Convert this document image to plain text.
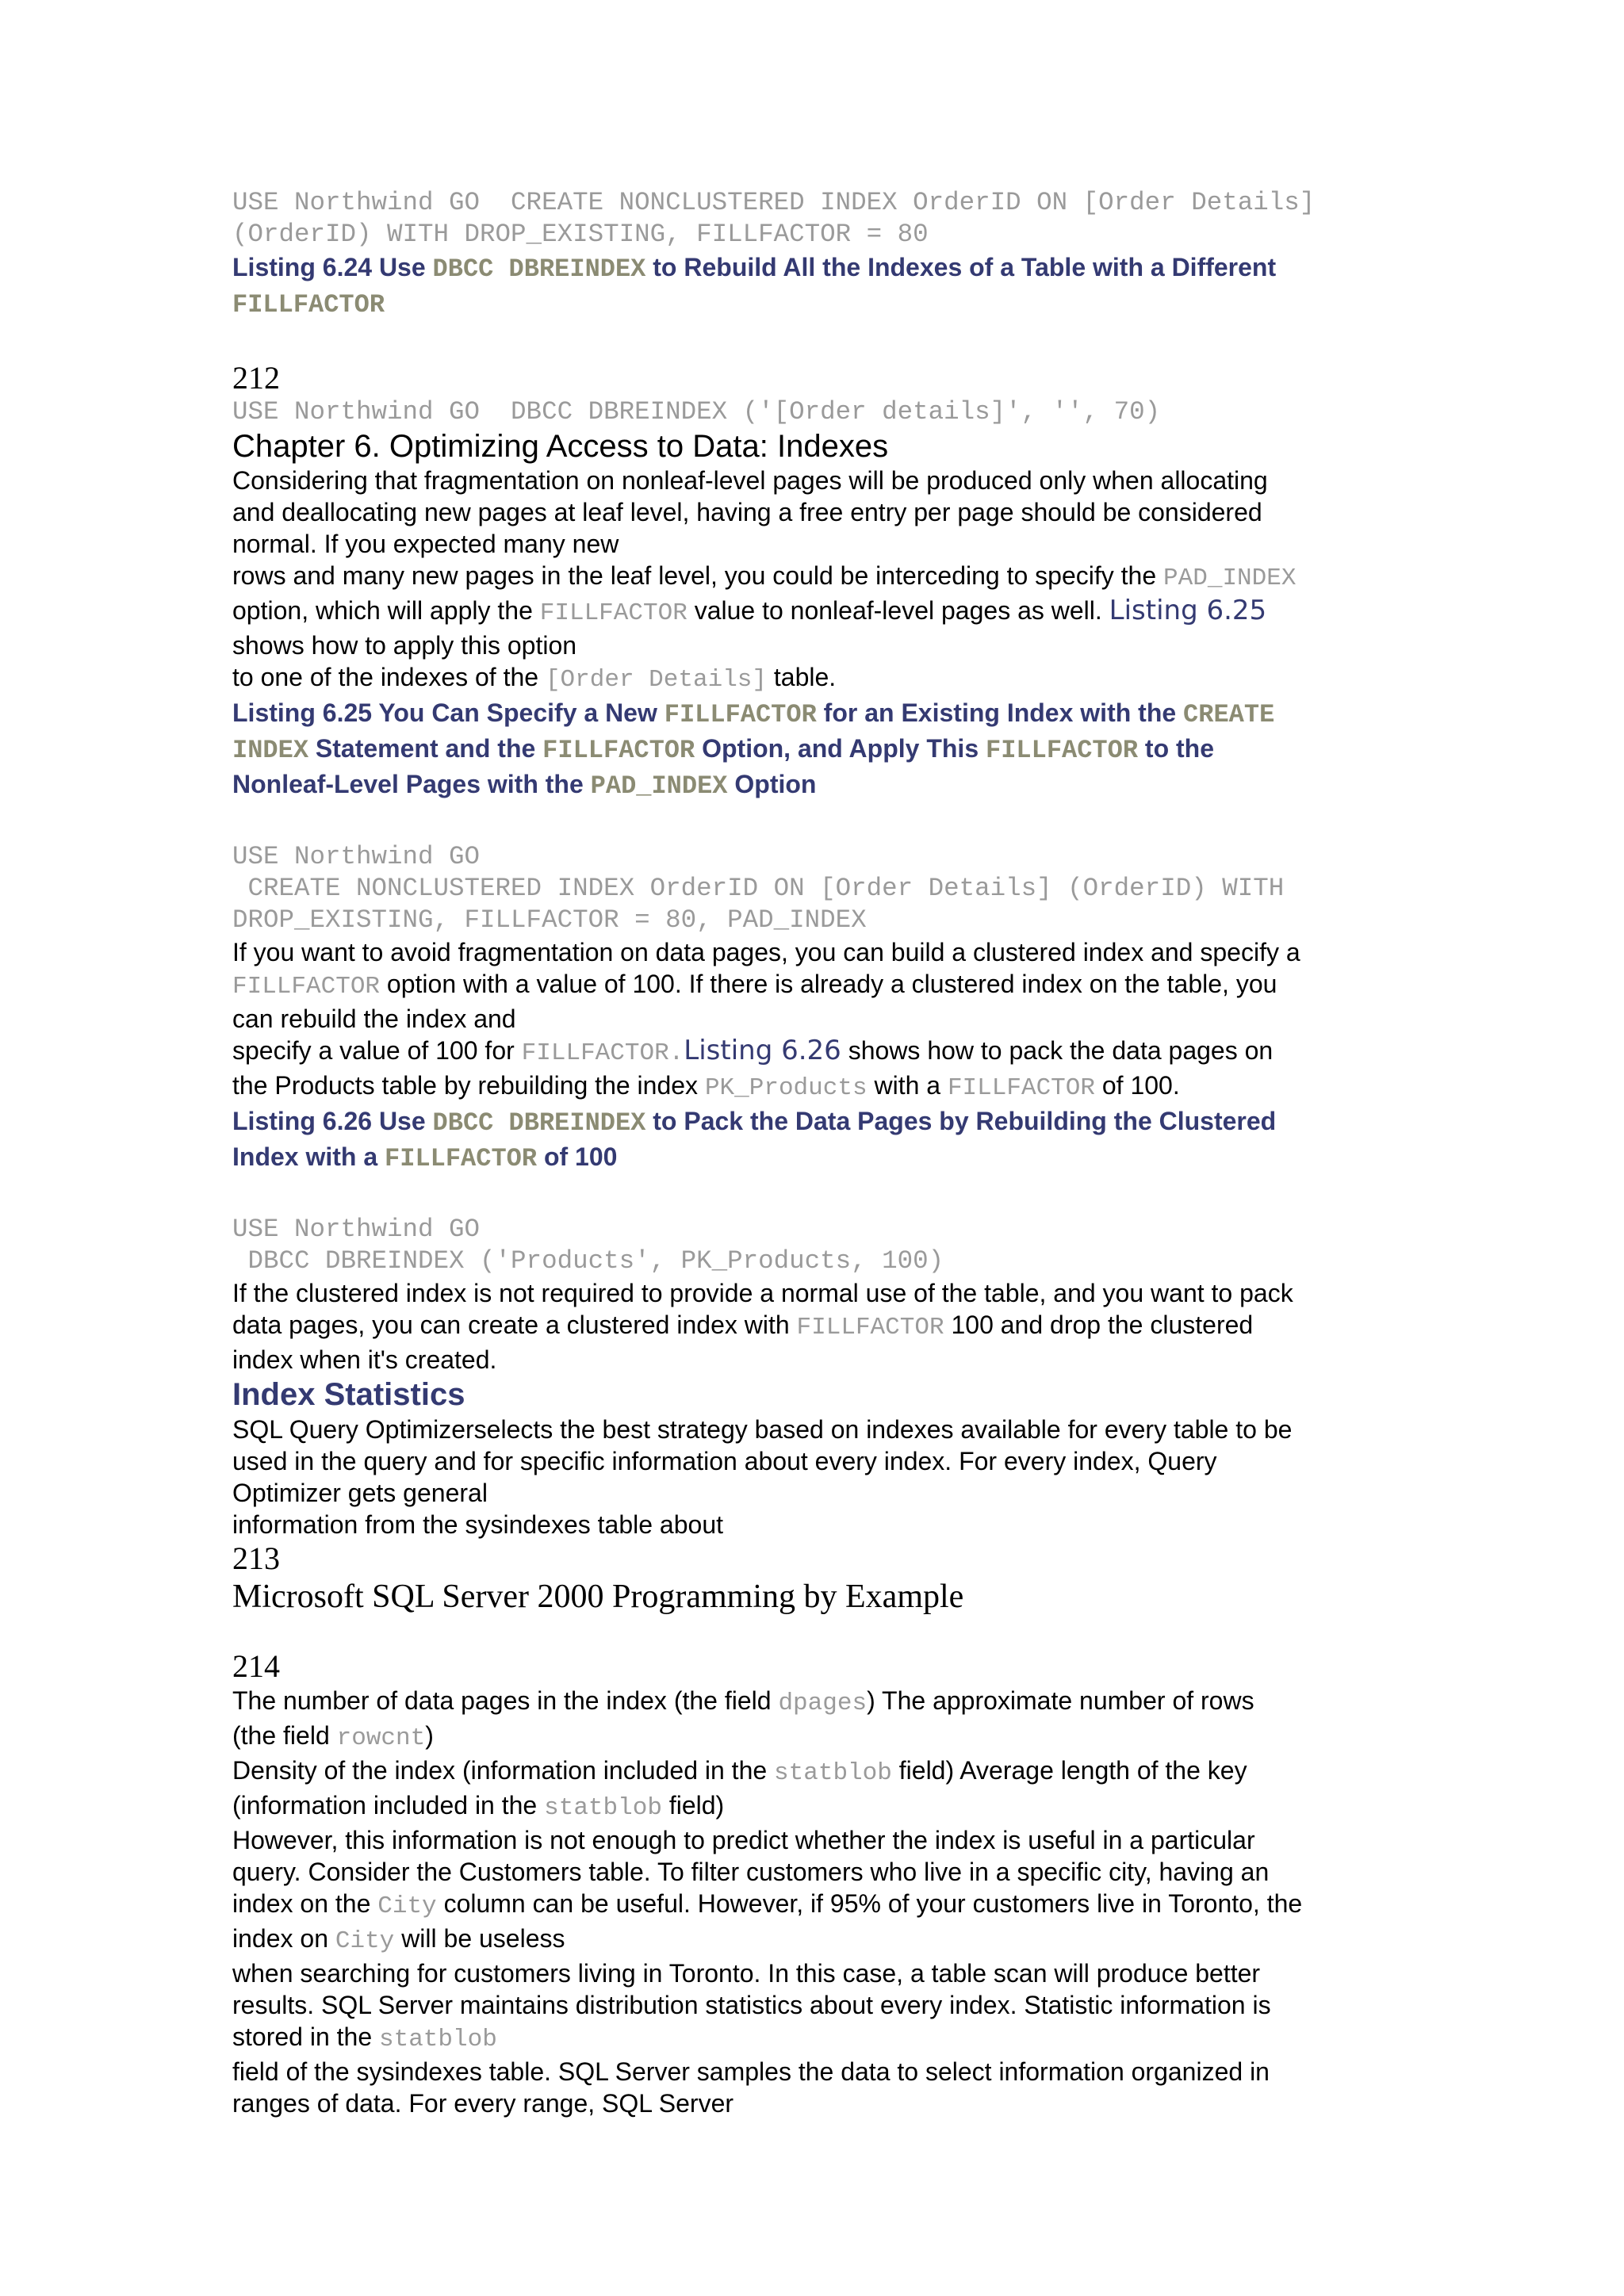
USE Northwind GO  CREATE NONCLUSTERED INDEX OrderID ON [Order Details]
(OrderID) WITH DROP_EXISTING, FILLFACTOR = 80
Listing 6.24 Use DBCC DBREINDEX to Rebuild All the Indexes of a Table with a Different
FILLFACTOR
212
USE Northwind GO  DBCC DBREINDEX ('[Order details]', '', 70)
Chapter 6. Optimizing Access to Data: Indexes
Considering that fragmentation on nonleaf-level pages will be produced only when allocating
and deallocating new pages at leaf level, having a free entry per page should be considered
normal. If you expected many new
rows and many new pages in the leaf level, you could be interceding to specify the PAD_INDEX
option, which will apply the FILLFACTOR value to nonleaf-level pages as well. Listing 6.25
shows how to apply this option
to one of the indexes of the [Order Details] table.
Listing 6.25 You Can Specify a New FILLFACTOR for an Existing Index with the CREATE
INDEX Statement and the FILLFACTOR Option, and Apply This FILLFACTOR to the
Nonleaf-Level Pages with the PAD_INDEX Option
USE Northwind GO
CREATE NONCLUSTERED INDEX OrderID ON [Order Details] (OrderID) WITH
DROP_EXISTING, FILLFACTOR = 80, PAD_INDEX
If you want to avoid fragmentation on data pages, you can build a clustered index and specify a
FILLFACTOR option with a value of 100. If there is already a clustered index on the table, you
can rebuild the index and
specify a value of 100 for FILLFACTOR.Listing 6.26 shows how to pack the data pages on
the Products table by rebuilding the index PK_Products with a FILLFACTOR of 100.
Listing 6.26 Use DBCC DBREINDEX to Pack the Data Pages by Rebuilding the Clustered
Index with a FILLFACTOR of 100
USE Northwind GO
DBCC DBREINDEX ('Products', PK_Products, 100)
If the clustered index is not required to provide a normal use of the table, and you want to pack
data pages, you can create a clustered index with FILLFACTOR 100 and drop the clustered
index when it's created.
Index Statistics
SQL Query Optimizerselects the best strategy based on indexes available for every table to be
used in the query and for specific information about every index. For every index, Query
Optimizer gets general
information from the sysindexes table about
213
Microsoft SQL Server 2000 Programming by Example
214
The number of data pages in the index (the field dpages) The approximate number of rows
(the field rowcnt)
Density of the index (information included in the statblob field) Average length of the key
(information included in the statblob field)
However, this information is not enough to predict whether the index is useful in a particular
query. Consider the Customers table. To filter customers who live in a specific city, having an
index on the City column can be useful. However, if 95% of your customers live in Toronto, the
index on City will be useless
when searching for customers living in Toronto. In this case, a table scan will produce better
results. SQL Server maintains distribution statistics about every index. Statistic information is
stored in the statblob
field of the sysindexes table. SQL Server samples the data to select information organized in
ranges of data. For every range, SQL Server
